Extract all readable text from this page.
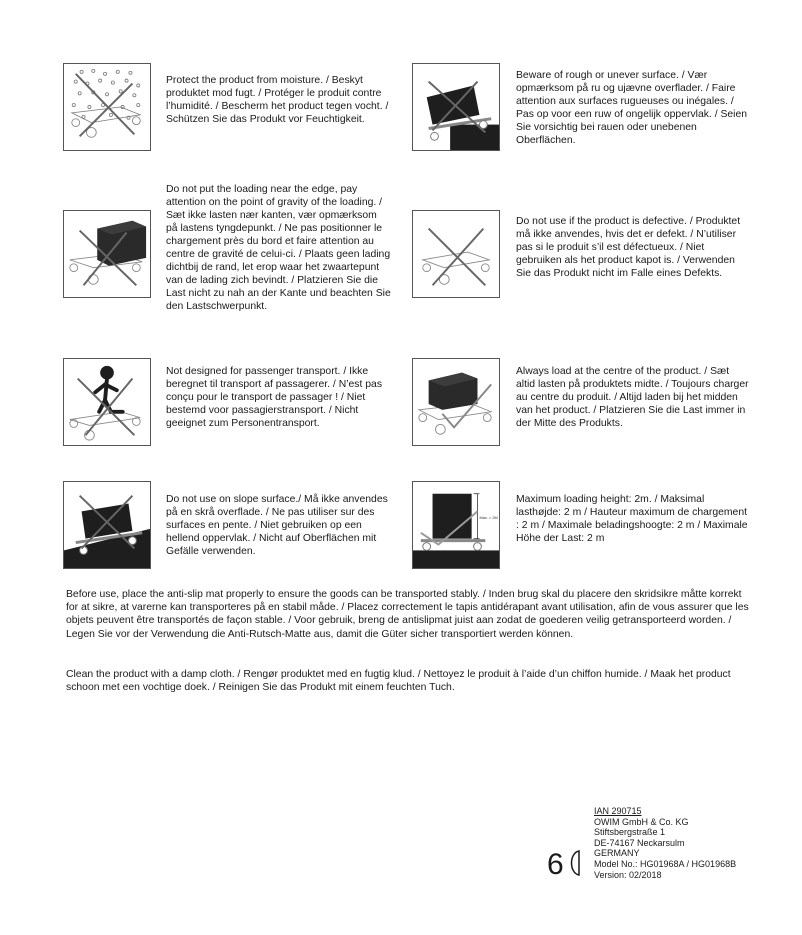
Protect the product from moisture. / Beskyt produktet mod fugt. / Protéger le produit contre l’humidité. / Bescherm het product tegen vocht. / Schützen Sie das Produkt vor Feuchtigkeit.
Beware of rough or unever surface. / Vær opmærksom på ru og ujævne overflader. / Faire attention aux surfaces rugueuses ou inégales. / Pas op voor een ruw of ongelijk oppervlak. / Seien Sie vorsichtig bei rauen oder unebenen Oberflächen.
Do not put the loading near the edge, pay attention on the point of gravity of the loading. / Sæt ikke lasten nær kanten, vær opmærksom på lastens tyngdepunkt. / Ne pas positionner le chargement près du bord et faire attention au centre de gravité de celui-ci. / Plaats geen lading dichtbij de rand, let erop waar het zwaartepunt van de lading zich bevindt. / Platzieren Sie die Last nicht zu nah an der Kante und beachten Sie den Lastschwerpunkt.
Do not use if the product is defective. / Produktet må ikke anvendes, hvis det er defekt. / N’utiliser pas si le produit s’il est défectueux. / Niet gebruiken als het product kapot is. / Verwenden Sie das Produkt nicht im Falle eines Defekts.
Not designed for passenger transport. / Ikke beregnet til transport af passagerer. / N’est pas conçu pour le transport de passager ! / Niet bestemd voor passagierstransport. / Nicht geeignet zum Personentransport.
Always load at the centre of the product. / Sæt altid lasten på produktets midte. / Toujours charger au centre du produit. / Altijd laden bij het midden van het product. / Platzieren Sie die Last immer in der Mitte des Produkts.
Do not use on slope surface./ Må ikke anvendes på en skrå overflade. / Ne pas utiliser sur des surfaces en pente. / Niet gebruiken op een hellend oppervlak. / Nicht auf Oberflächen mit Gefälle verwenden.
Max. = 2M
Maximum loading height: 2m. / Maksimal lasthøjde: 2 m / Hauteur maximum de chargement : 2 m / Maximale beladingshoogte: 2 m / Maximale Höhe der Last: 2 m
Before use, place the anti-slip mat properly to ensure the goods can be transported stably. / Inden brug skal du placere den skridsikre måtte korrekt for at sikre, at varerne kan transporteres på en stabil måde. / Placez correctement le tapis antidérapant avant utilisation, afin de vous assurer que les objets peuvent être transportés de façon stable. / Voor gebruik, breng de antislipmat juist aan zodat de goederen veilig getransporteerd worden. / Legen Sie vor der Verwendung die Anti-Rutsch-Matte aus, damit die Güter sicher transportiert werden können.
Clean the product with a damp cloth. / Rengør produktet med en fugtig klud. / Nettoyez le produit à l’aide d’un chiffon humide. / Maak het product schoon met een vochtige doek. / Reinigen Sie das Produkt mit einem feuchten Tuch.
6
IAN 290715
OWIM GmbH & Co. KG
Stiftsbergstraße 1
DE-74167 Neckarsulm
GERMANY
Model No.: HG01968A / HG01968B
Version: 02/2018
